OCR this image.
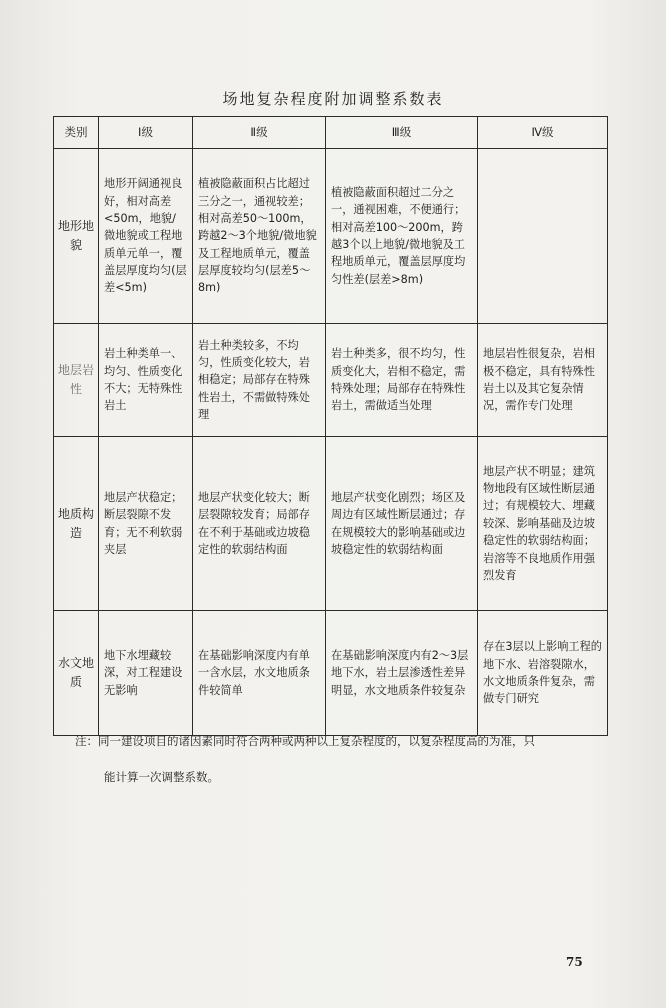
场地复杂程度附加调整系数表
类别	Ⅰ级	Ⅱ级	Ⅲ级	Ⅳ级
地形地貌	地形开阔通视良好，相对高差<50m，地貌/微地貌或工程地质单元单一，覆盖层厚度均匀(层差<5m)	植被隐蔽面积占比超过三分之一，通视较差；相对高差50～100m，跨越2～3个地貌/微地貌及工程地质单元，覆盖层厚度较均匀(层差5～8m)	植被隐蔽面积超过二分之一，通视困难，不便通行；相对高差100～200m，跨越3个以上地貌/微地貌及工程地质单元，覆盖层厚度均匀性差(层差>8m)	
地层岩性	岩土种类单一、均匀、性质变化不大；无特殊性岩土	岩土种类较多，不均匀，性质变化较大，岩相稳定；局部存在特殊性岩土，不需做特殊处理	岩土种类多，很不均匀，性质变化大，岩相不稳定，需特殊处理；局部存在特殊性岩土，需做适当处理	地层岩性很复杂，岩相极不稳定，具有特殊性岩土以及其它复杂情况，需作专门处理
地质构造	地层产状稳定；断层裂隙不发育；无不利软弱夹层	地层产状变化较大；断层裂隙较发育；局部存在不利于基础或边坡稳定性的软弱结构面	地层产状变化剧烈；场区及周边有区域性断层通过；存在规模较大的影响基础或边坡稳定性的软弱结构面	地层产状不明显；建筑物地段有区域性断层通过；有规模较大、埋藏较深、影响基础及边坡稳定性的软弱结构面；岩溶等不良地质作用强烈发育
水文地质	地下水埋藏较深，对工程建设无影响	在基础影响深度内有单一含水层，水文地质条件较简单	在基础影响深度内有2～3层地下水，岩土层渗透性差异明显，水文地质条件较复杂	存在3层以上影响工程的地下水、岩溶裂隙水，水文地质条件复杂，需做专门研究
注：同一建设项目的诸因素同时符合两种或两种以上复杂程度的，以复杂程度高的为准，只
能计算一次调整系数。
75
